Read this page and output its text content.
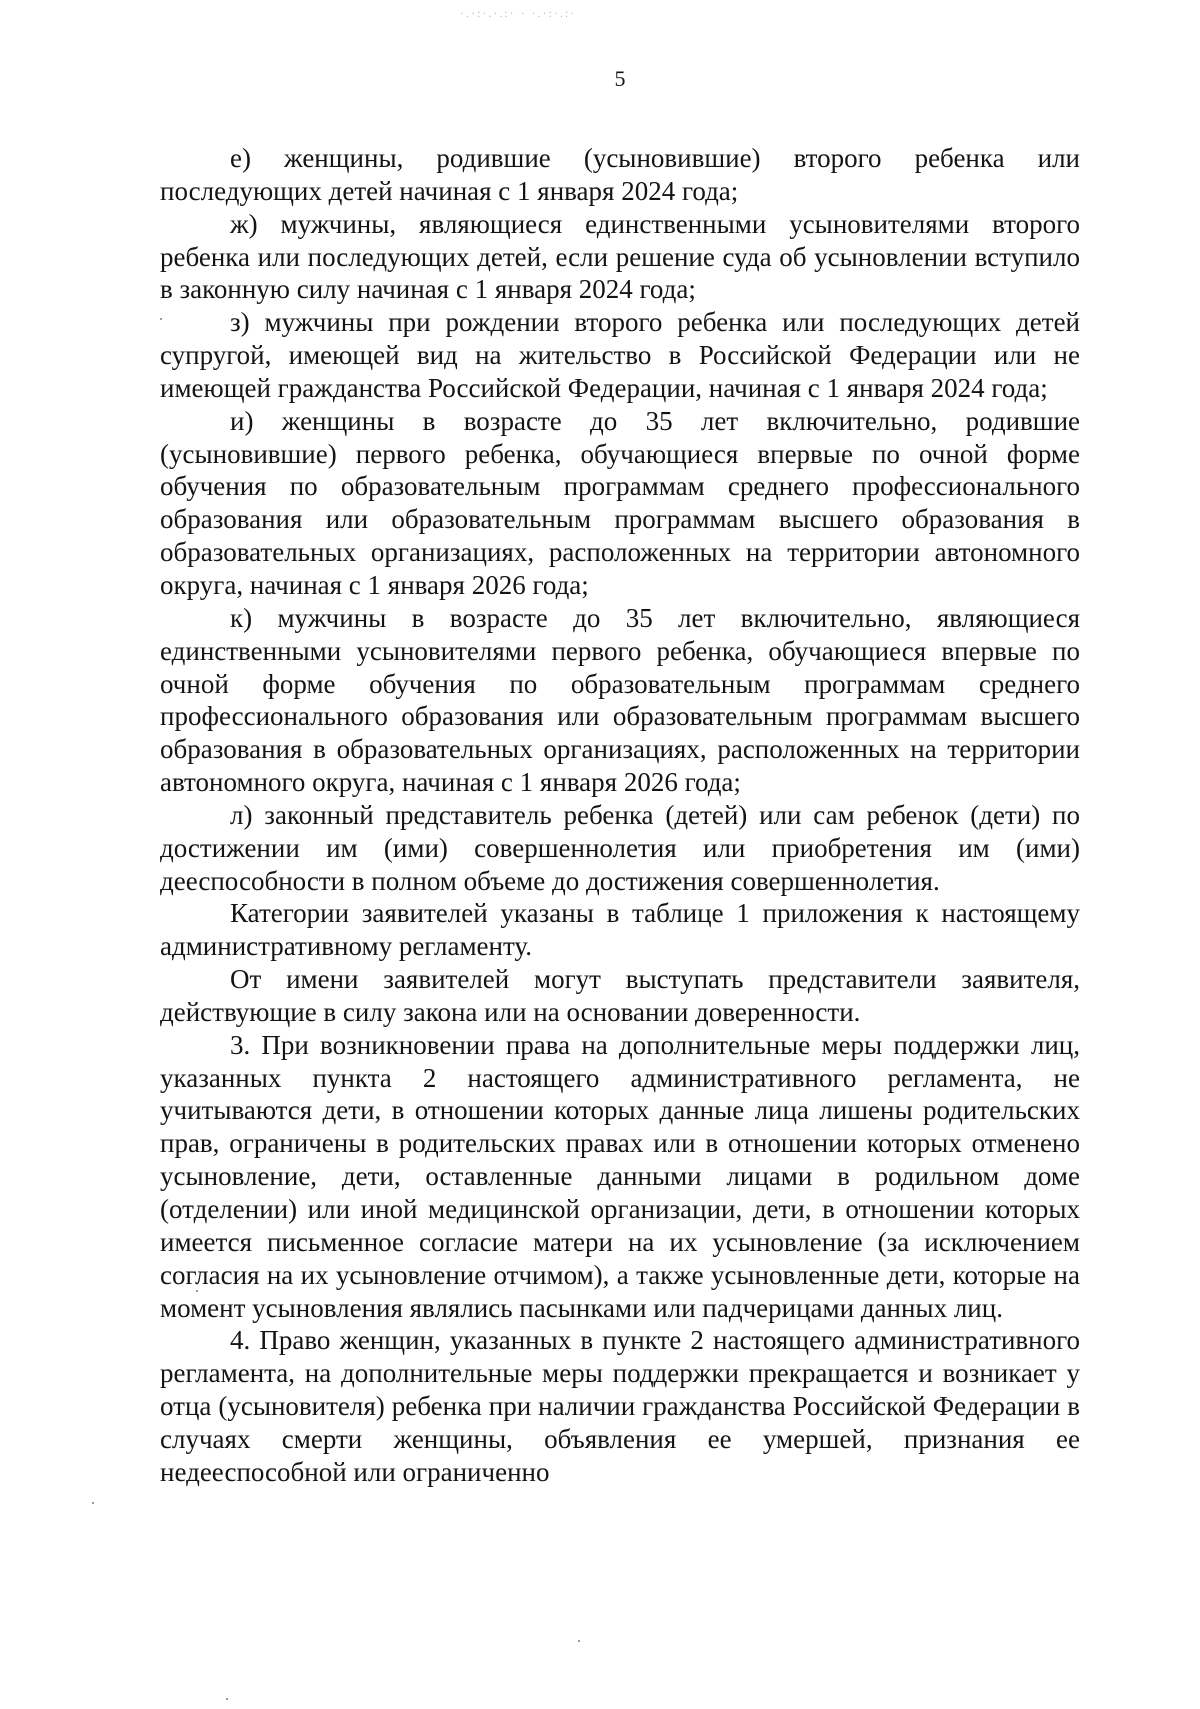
·.·:·.·.:· · ·.·:·.:·
5

е) женщины, родившие (усыновившие) второго ребенка или последующих детей начиная с 1 января 2024 года;

ж) мужчины, являющиеся единственными усыновителями второго ребенка или последующих детей, если решение суда об усыновлении вступило в законную силу начиная с 1 января 2024 года;

з) мужчины при рождении второго ребенка или последующих детей супругой, имеющей вид на жительство в Российской Федерации или не имеющей гражданства Российской Федерации, начиная с 1 января 2024 года;

и) женщины в возрасте до 35 лет включительно, родившие (усыновившие) первого ребенка, обучающиеся впервые по очной форме обучения по образовательным программам среднего профессионального образования или образовательным программам высшего образования в образовательных организациях, расположенных на территории автономного округа, начиная с 1 января 2026 года;

к) мужчины в возрасте до 35 лет включительно, являющиеся единственными усыновителями первого ребенка, обучающиеся впервые по очной форме обучения по образовательным программам среднего профессионального образования или образовательным программам высшего образования в образовательных организациях, расположенных на территории автономного округа, начиная с 1 января 2026 года;

л) законный представитель ребенка (детей) или сам ребенок (дети) по достижении им (ими) совершеннолетия или приобретения им (ими) дееспособности в полном объеме до достижения совершеннолетия.

Категории заявителей указаны в таблице 1 приложения к настоящему административному регламенту.

От имени заявителей могут выступать представители заявителя, действующие в силу закона или на основании доверенности.

3. При возникновении права на дополнительные меры поддержки лиц, указанных пункта 2 настоящего административного регламента, не учитываются дети, в отношении которых данные лица лишены родительских прав, ограничены в родительских правах или в отношении которых отменено усыновление, дети, оставленные данными лицами в родильном доме (отделении) или иной медицинской организации, дети, в отношении которых имеется письменное согласие матери на их усыновление (за исключением согласия на их усыновление отчимом), а также усыновленные дети, которые на момент усыновления являлись пасынками или падчерицами данных лиц.

4. Право женщин, указанных в пункте 2 настоящего административного регламента, на дополнительные меры поддержки прекращается и возникает у отца (усыновителя) ребенка при наличии гражданства Российской Федерации в случаях смерти женщины, объявления ее умершей, признания ее недееспособной или ограниченно
